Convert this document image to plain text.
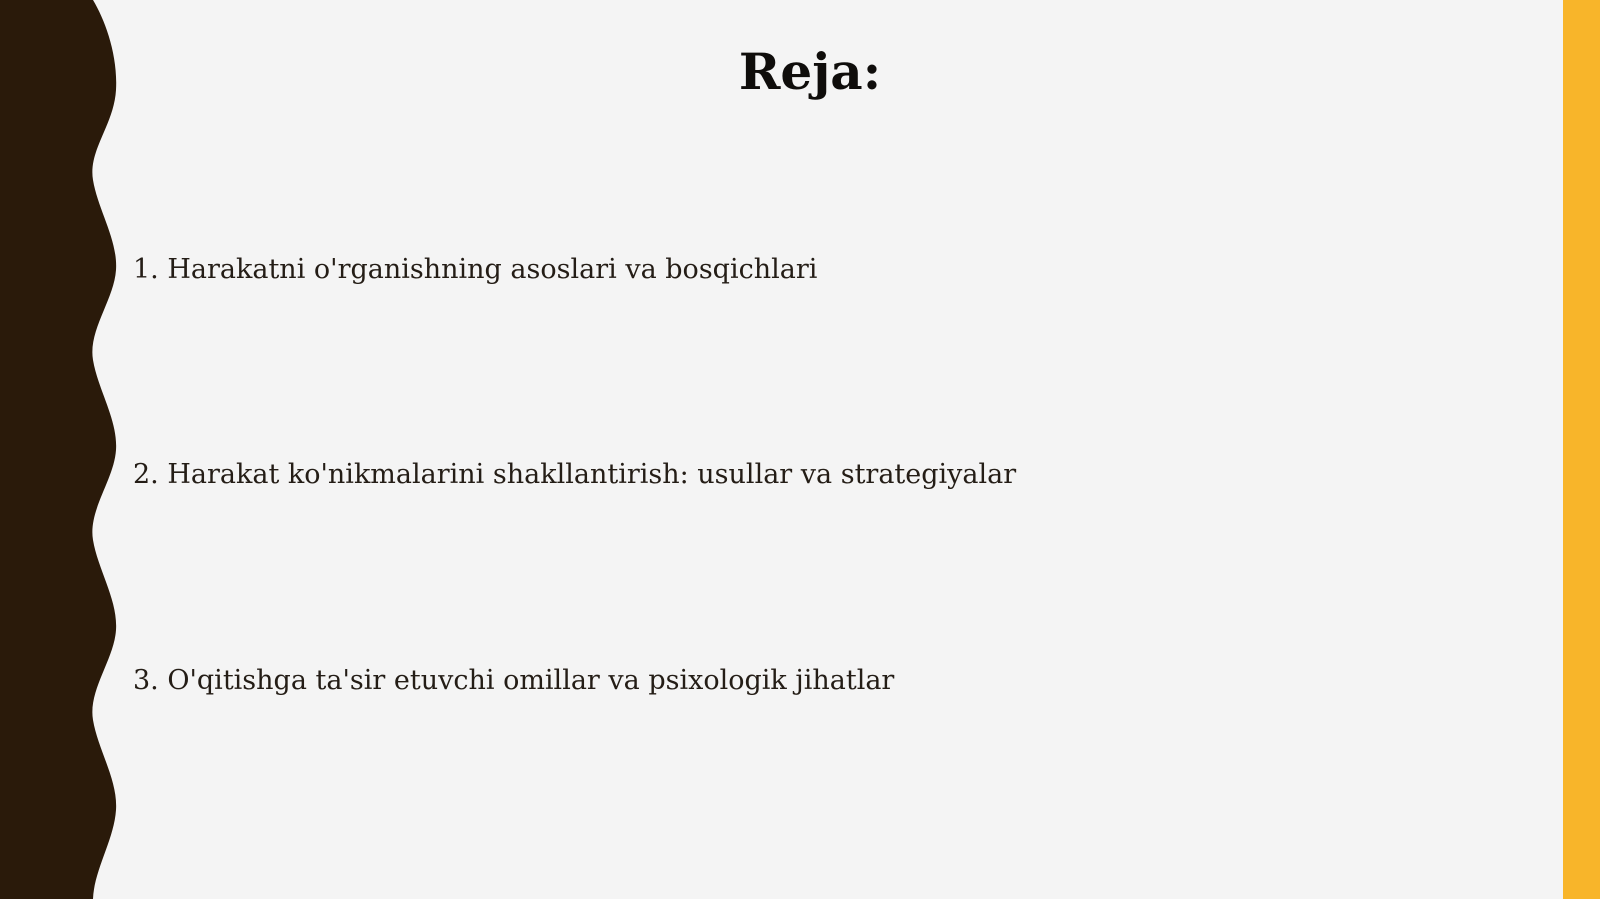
Reja:
1. Harakatni o'rganishning asoslari va bosqichlari
2. Harakat ko'nikmalarini shakllantirish: usullar va strategiyalar
3. O'qitishga ta'sir etuvchi omillar va psixologik jihatlar
